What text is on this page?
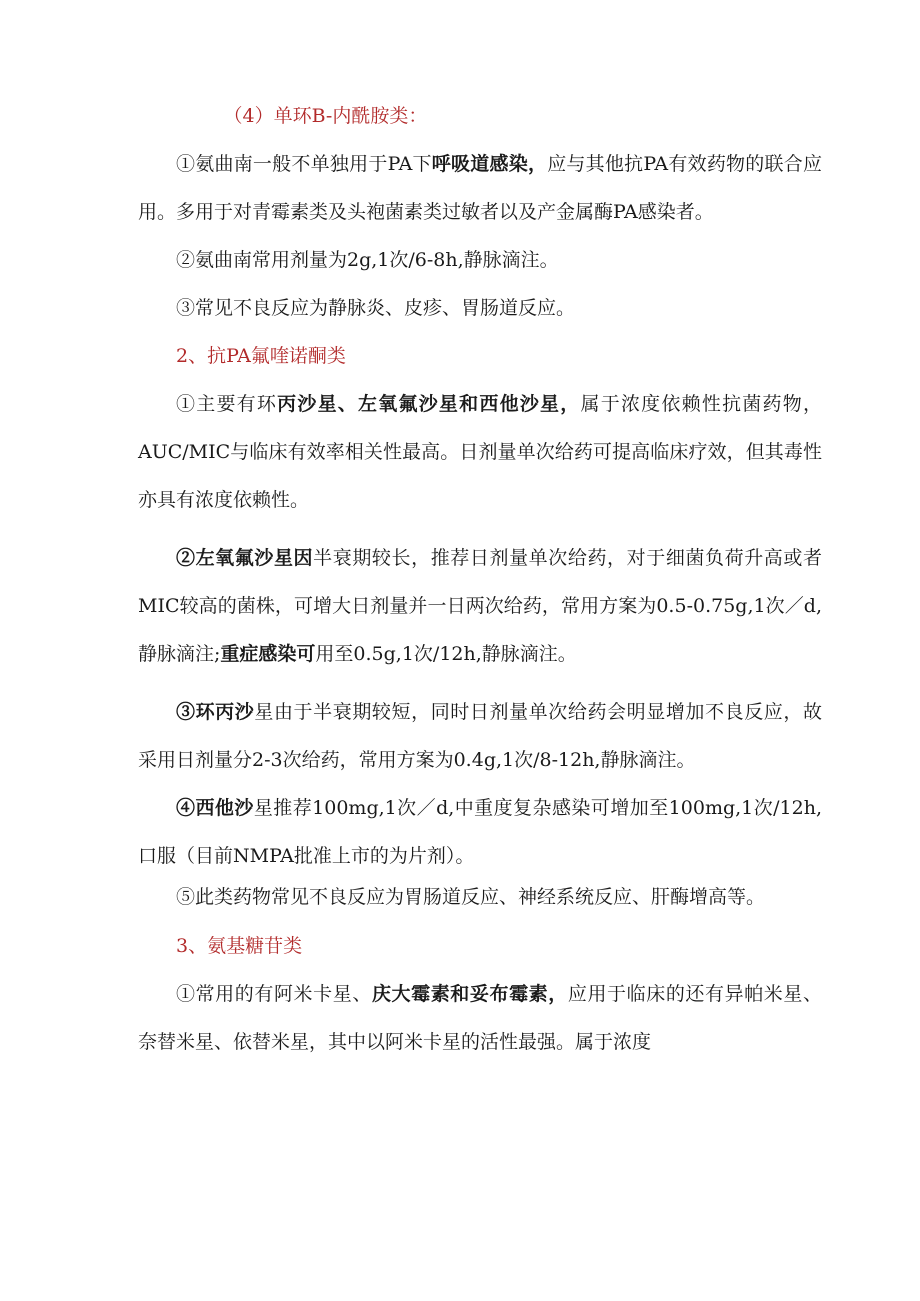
（4）单环B-内酰胺类：

①氨曲南一般不单独用于PA下呼吸道感染，应与其他抗PA有效药物的联合应用。多用于对青霉素类及头袍菌素类过敏者以及产金属酶PA感染者。

②氨曲南常用剂量为2g,1次/6-8h,静脉滴注。

③常见不良反应为静脉炎、皮疹、胃肠道反应。

2、抗PA氟喹诺酮类

①主要有环丙沙星、左氧氟沙星和西他沙星，属于浓度依赖性抗菌药物，AUC/MIC与临床有效率相关性最高。日剂量单次给药可提高临床疗效，但其毒性亦具有浓度依赖性。

②左氧氟沙星因半衰期较长，推荐日剂量单次给药，对于细菌负荷升高或者MIC较高的菌株，可增大日剂量并一日两次给药，常用方案为0.5-0.75g,1次／d,静脉滴注;重症感染可用至0.5g,1次/12h,静脉滴注。

③环丙沙星由于半衰期较短，同时日剂量单次给药会明显增加不良反应，故采用日剂量分2-3次给药，常用方案为0.4g,1次/8-12h,静脉滴注。

④西他沙星推荐100mg,1次／d,中重度复杂感染可增加至100mg,1次/12h,口服（目前NMPA批准上市的为片剂）。

⑤此类药物常见不良反应为胃肠道反应、神经系统反应、肝酶增高等。

3、氨基糖苷类

①常用的有阿米卡星、庆大霉素和妥布霉素，应用于临床的还有异帕米星、奈替米星、依替米星，其中以阿米卡星的活性最强。属于浓度
